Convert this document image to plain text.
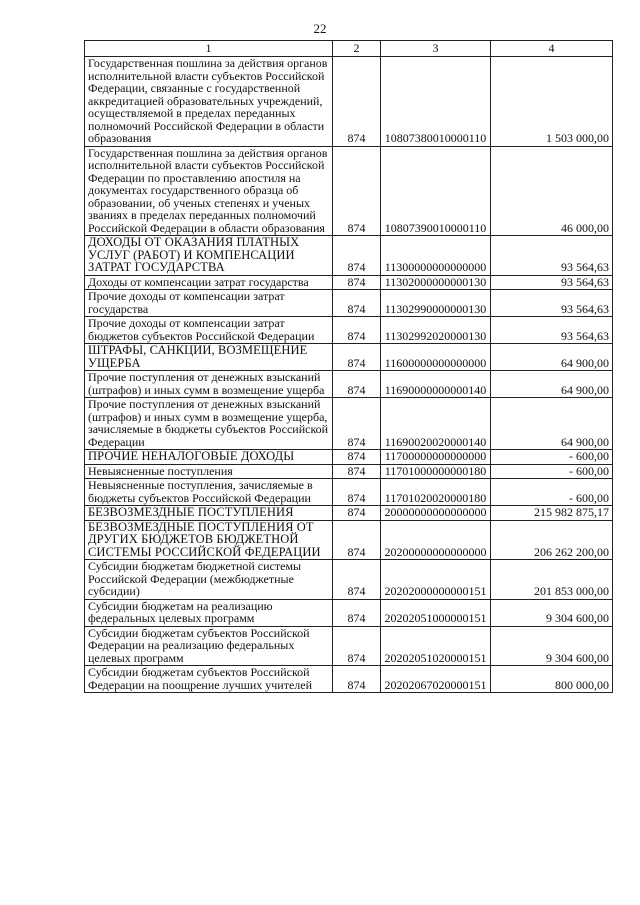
22
1	2	3	4
Государственная пошлина за действия органов исполнительной власти субъектов Российской Федерации, связанные с государственной аккредитацией образовательных учреждений, осуществляемой в пределах переданных полномочий Российской Федерации в области образования	874	10807380010000110	1 503 000,00
Государственная пошлина за действия органов исполнительной власти субъектов Российской Федерации по проставлению апостиля на документах государственного образца об образовании, об ученых степенях и ученых званиях в пределах переданных полномочий Российской Федерации в области образования	874	10807390010000110	46 000,00
ДОХОДЫ ОТ ОКАЗАНИЯ ПЛАТНЫХ УСЛУГ (РАБОТ) И КОМПЕНСАЦИИ ЗАТРАТ ГОСУДАРСТВА	874	11300000000000000	93 564,63
Доходы от компенсации затрат государства	874	11302000000000130	93 564,63
Прочие доходы от компенсации затрат государства	874	11302990000000130	93 564,63
Прочие доходы от компенсации затрат бюджетов субъектов Российской Федерации	874	11302992020000130	93 564,63
ШТРАФЫ, САНКЦИИ, ВОЗМЕЩЕНИЕ УЩЕРБА	874	11600000000000000	64 900,00
Прочие поступления от денежных взысканий (штрафов) и иных сумм в возмещение ущерба	874	11690000000000140	64 900,00
Прочие поступления от денежных взысканий (штрафов) и иных сумм в возмещение ущерба, зачисляемые в бюджеты субъектов Российской Федерации	874	11690020020000140	64 900,00
ПРОЧИЕ НЕНАЛОГОВЫЕ ДОХОДЫ	874	11700000000000000	- 600,00
Невыясненные поступления	874	11701000000000180	- 600,00
Невыясненные поступления, зачисляемые в бюджеты субъектов Российской Федерации	874	11701020020000180	- 600,00
БЕЗВОЗМЕЗДНЫЕ ПОСТУПЛЕНИЯ	874	20000000000000000	215 982 875,17
БЕЗВОЗМЕЗДНЫЕ ПОСТУПЛЕНИЯ ОТ ДРУГИХ БЮДЖЕТОВ БЮДЖЕТНОЙ СИСТЕМЫ РОССИЙСКОЙ ФЕДЕРАЦИИ	874	20200000000000000	206 262 200,00
Субсидии бюджетам бюджетной системы Российской Федерации (межбюджетные субсидии)	874	20202000000000151	201 853 000,00
Субсидии бюджетам на реализацию федеральных целевых программ	874	20202051000000151	9 304 600,00
Субсидии бюджетам субъектов Российской Федерации на реализацию федеральных целевых программ	874	20202051020000151	9 304 600,00
Субсидии бюджетам субъектов Российской Федерации на поощрение лучших учителей	874	20202067020000151	800 000,00
